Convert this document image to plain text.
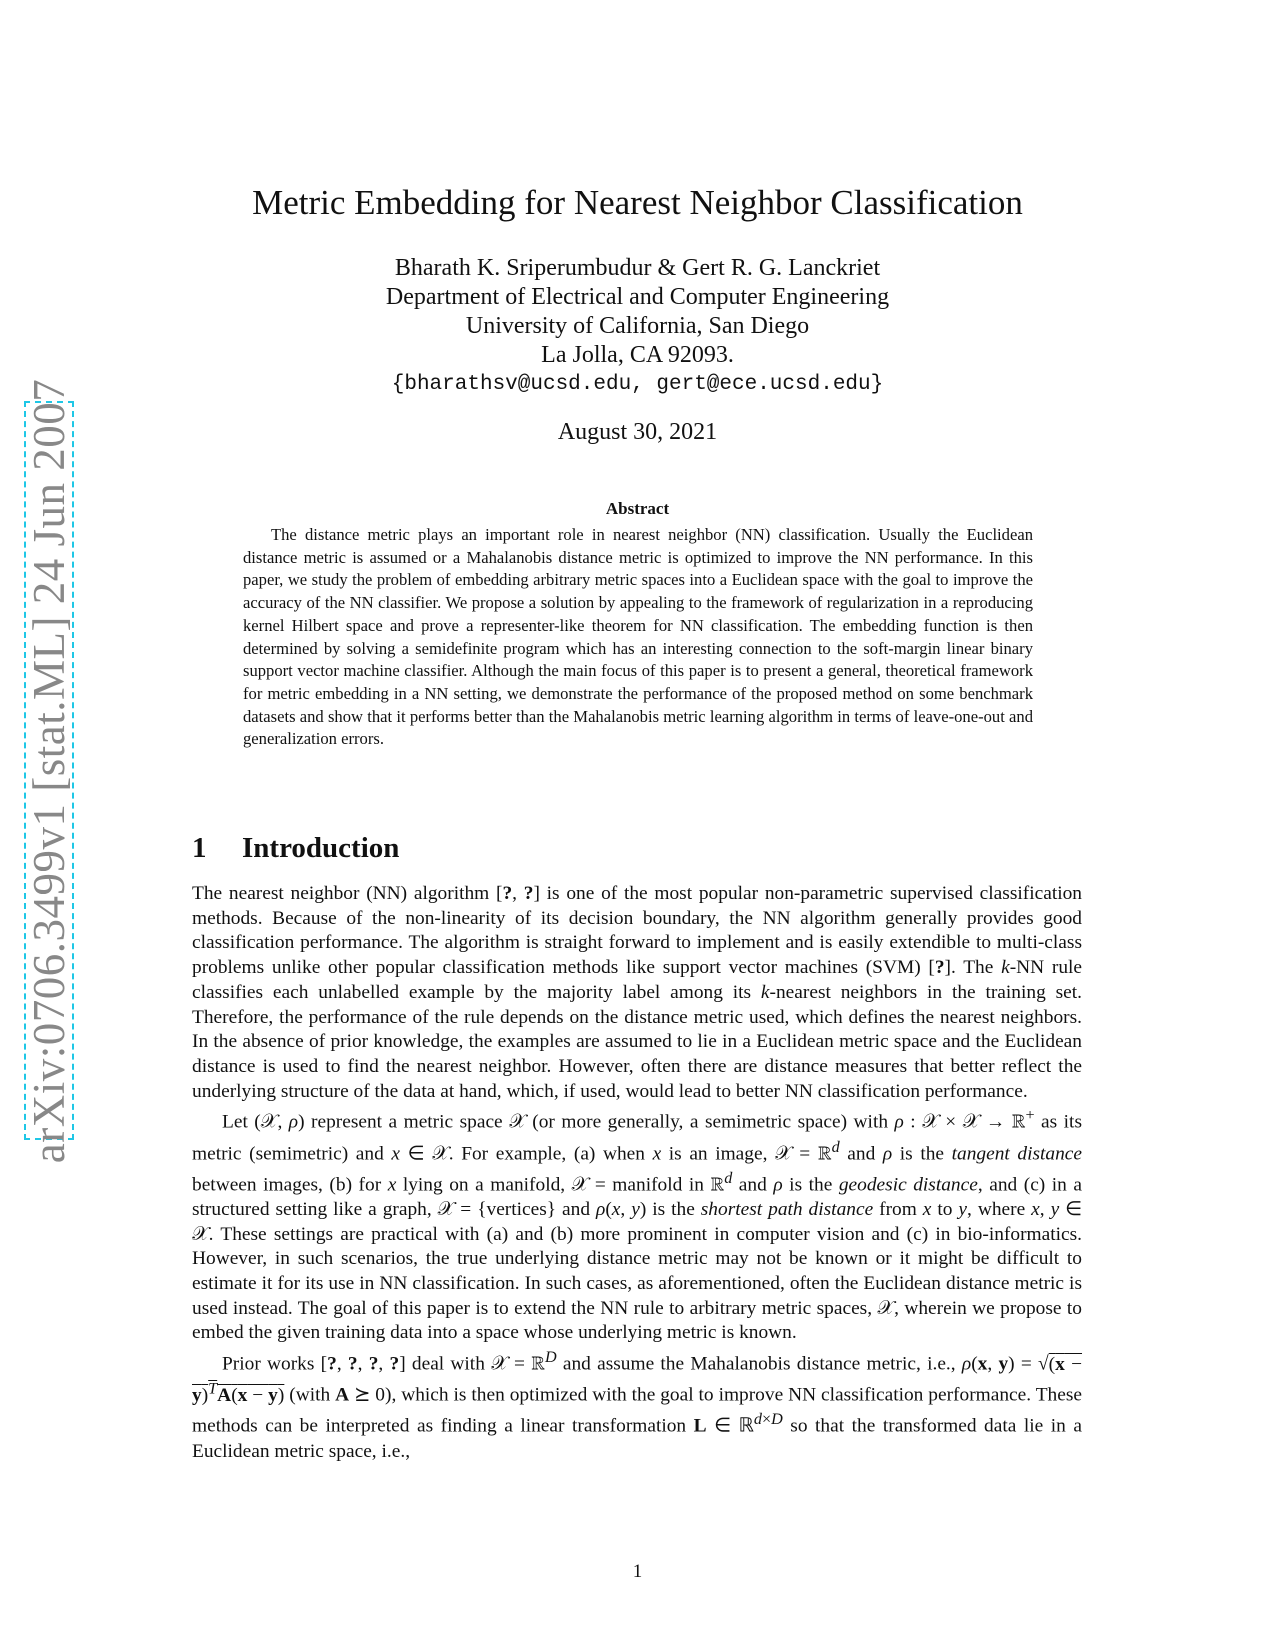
arXiv:0706.3499v1 [stat.ML] 24 Jun 2007
Metric Embedding for Nearest Neighbor Classification
Bharath K. Sriperumbudur & Gert R. G. Lanckriet
Department of Electrical and Computer Engineering
University of California, San Diego
La Jolla, CA 92093.
{bharathsv@ucsd.edu, gert@ece.ucsd.edu}
August 30, 2021
Abstract

The distance metric plays an important role in nearest neighbor (NN) classification. Usually the Euclidean distance metric is assumed or a Mahalanobis distance metric is optimized to improve the NN performance. In this paper, we study the problem of embedding arbitrary metric spaces into a Euclidean space with the goal to improve the accuracy of the NN classifier. We propose a solution by appealing to the framework of regularization in a reproducing kernel Hilbert space and prove a representer-like theorem for NN classification. The embedding function is then determined by solving a semidefinite program which has an interesting connection to the soft-margin linear binary support vector machine classifier. Although the main focus of this paper is to present a general, theoretical framework for metric embedding in a NN setting, we demonstrate the performance of the proposed method on some benchmark datasets and show that it performs better than the Mahalanobis metric learning algorithm in terms of leave-one-out and generalization errors.

1 Introduction

The nearest neighbor (NN) algorithm [?, ?] is one of the most popular non-parametric supervised classification methods. Because of the non-linearity of its decision boundary, the NN algorithm generally provides good classification performance. The algorithm is straight forward to implement and is easily extendible to multi-class problems unlike other popular classification methods like support vector machines (SVM) [?]. The k-NN rule classifies each unlabelled example by the majority label among its k-nearest neighbors in the training set. Therefore, the performance of the rule depends on the distance metric used, which defines the nearest neighbors. In the absence of prior knowledge, the examples are assumed to lie in a Euclidean metric space and the Euclidean distance is used to find the nearest neighbor. However, often there are distance measures that better reflect the underlying structure of the data at hand, which, if used, would lead to better NN classification performance.

Let (𝒳, ρ) represent a metric space 𝒳 (or more generally, a semimetric space) with ρ : 𝒳 × 𝒳 → ℝ+ as its metric (semimetric) and x ∈ 𝒳. For example, (a) when x is an image, 𝒳 = ℝ$^d$ and ρ is the tangent distance between images, (b) for x lying on a manifold, 𝒳 = manifold in ℝ$^d$ and ρ is the geodesic distance, and (c) in a structured setting like a graph, 𝒳 = {vertices} and ρ(x, y) is the shortest path distance from x to y, where x, y ∈ 𝒳. These settings are practical with (a) and (b) more prominent in computer vision and (c) in bio-informatics. However, in such scenarios, the true underlying distance metric may not be known or it might be difficult to estimate it for its use in NN classification. In such cases, as aforementioned, often the Euclidean distance metric is used instead. The goal of this paper is to extend the NN rule to arbitrary metric spaces, 𝒳, wherein we propose to embed the given training data into a space whose underlying metric is known.

Prior works [?, ?, ?, ?] deal with 𝒳 = ℝ$^D$ and assume the Mahalanobis distance metric, i.e., ρ(x, $y) = √(x - y)^TA(x - y)$ (with A ⪰ 0), which is then optimized with the goal to improve NN classification performance. These methods can be interpreted as finding a linear transformation L ∈ ℝ$^{d\times D}$ so that the transformed data lie in a Euclidean metric space, i.e.,

1
